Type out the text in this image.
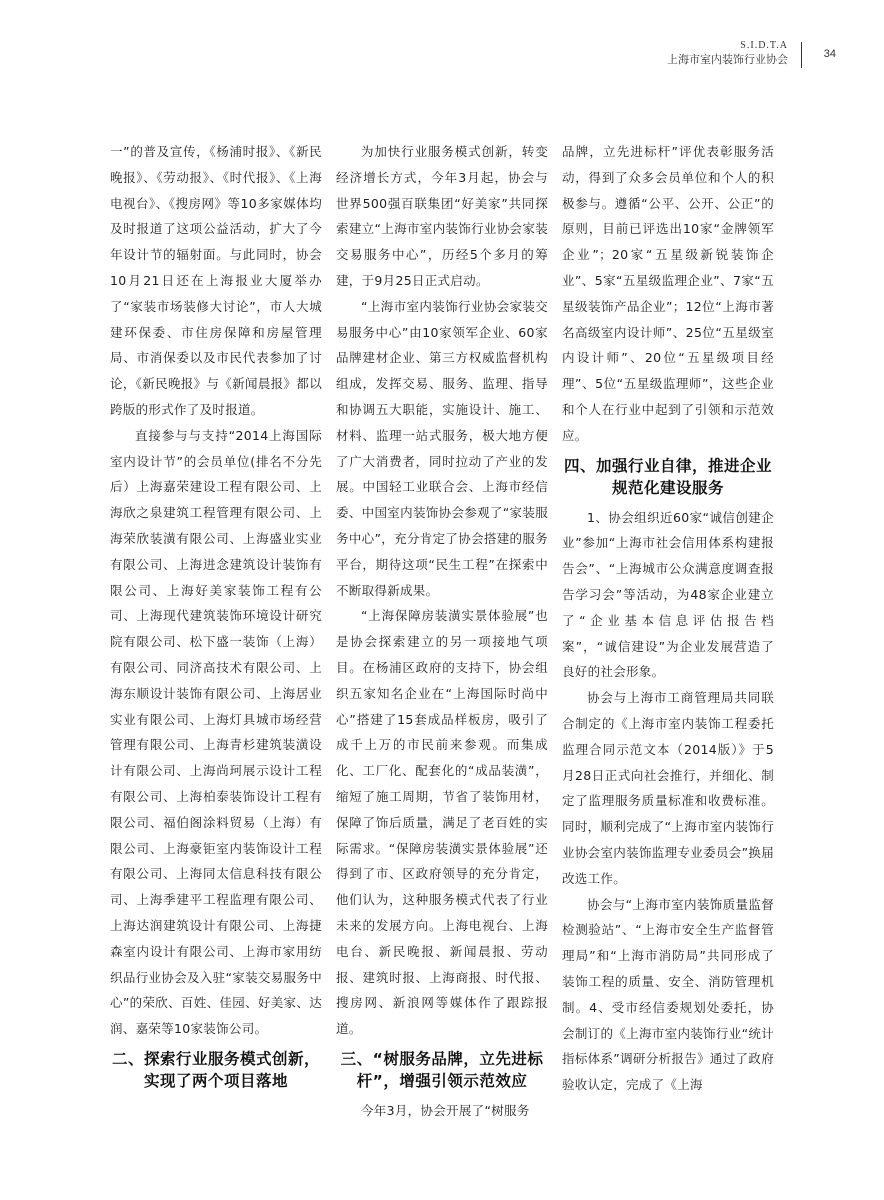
S.I.D.T.A
上海市室内装饰行业协会	34

一”的普及宣传，《杨浦时报》、《新民晚报》、《劳动报》、《时代报》、《上海电视台》、《搜房网》等10多家媒体均及时报道了这项公益活动，扩大了今年设计节的辐射面。与此同时，协会10月21日还在上海报业大厦举办了“家装市场装修大讨论”，市人大城建环保委、市住房保障和房屋管理局、市消保委以及市民代表参加了讨论，《新民晚报》与《新闻晨报》都以跨版的形式作了及时报道。

直接参与与支持“2014上海国际室内设计节”的会员单位(排名不分先后）上海嘉荣建设工程有限公司、上海欣之泉建筑工程管理有限公司、上海荣欣装潢有限公司、上海盛业实业有限公司、上海进念建筑设计装饰有限公司、上海好美家装饰工程有公司、上海现代建筑装饰环境设计研究院有限公司、松下盛一装饰（上海）有限公司、同济高技术有限公司、上海东顺设计装饰有限公司、上海居业实业有限公司、上海灯具城市场经营管理有限公司、上海青杉建筑装潢设计有限公司、上海尚珂展示设计工程有限公司、上海柏泰装饰设计工程有限公司、福伯阁涂料贸易（上海）有限公司、上海豪钜室内装饰设计工程有限公司、上海同太信息科技有限公司、上海季建平工程监理有限公司、上海达润建筑设计有限公司、上海捷森室内设计有限公司、上海市家用纺织品行业协会及入驻“家装交易服务中心”的荣欣、百姓、佳园、好美家、达润、嘉荣等10家装饰公司。

二、探索行业服务模式创新，实现了两个项目落地

为加快行业服务模式创新，转变经济增长方式，今年3月起，协会与世界500强百联集团“好美家”共同探索建立“上海市室内装饰行业协会家装交易服务中心”，历经5个多月的筹建，于9月25日正式启动。

“上海市室内装饰行业协会家装交易服务中心”由10家领军企业、60家品牌建材企业、第三方权威监督机构组成，发挥交易、服务、监理、指导和协调五大职能，实施设计、施工、材料、监理一站式服务，极大地方便了广大消费者，同时拉动了产业的发展。中国轻工业联合会、上海市经信委、中国室内装饰协会参观了“家装服务中心”，充分肯定了协会搭建的服务平台，期待这项“民生工程”在探索中不断取得新成果。

“上海保障房装潢实景体验展”也是协会探索建立的另一项接地气项目。在杨浦区政府的支持下，协会组织五家知名企业在“上海国际时尚中心”搭建了15套成品样板房，吸引了成千上万的市民前来参观。而集成化、工厂化、配套化的“成品装潢”，缩短了施工周期，节省了装饰用材，保障了饰后质量，满足了老百姓的实际需求。“保障房装潢实景体验展”还得到了市、区政府领导的充分肯定，他们认为，这种服务模式代表了行业未来的发展方向。上海电视台、上海电台、新民晚报、新闻晨报、劳动报、建筑时报、上海商报、时代报、搜房网、新浪网等媒体作了跟踪报道。

三、“树服务品牌，立先进标杆”，增强引领示范效应

今年3月，协会开展了“树服务

品牌，立先进标杆”评优表彰服务活动，得到了众多会员单位和个人的积极参与。遵循“公平、公开、公正”的原则，目前已评选出10家“金牌领军企业”；20家“五星级新锐装饰企业”、5家“五星级监理企业”、7家“五星级装饰产品企业”；12位“上海市著名高级室内设计师”、25位“五星级室内设计师”、20位“五星级项目经理”、5位“五星级监理师”，这些企业和个人在行业中起到了引领和示范效应。

四、加强行业自律，推进企业规范化建设服务

1、协会组织近60家“诚信创建企业”参加“上海市社会信用体系构建报告会”、“上海城市公众满意度调查报告学习会”等活动，为48家企业建立了“企业基本信息评估报告档案”，“诚信建设”为企业发展营造了良好的社会形象。

协会与上海市工商管理局共同联合制定的《上海市室内装饰工程委托监理合同示范文本（2014版）》于5月28日正式向社会推行，并细化、制定了监理服务质量标准和收费标准。同时，顺利完成了“上海市室内装饰行业协会室内装饰监理专业委员会”换届改选工作。

协会与“上海市室内装饰质量监督检测验站”、“上海市安全生产监督管理局”和“上海市消防局”共同形成了装饰工程的质量、安全、消防管理机制。4、受市经信委规划处委托，协会制订的《上海市室内装饰行业“统计指标体系”调研分析报告》通过了政府验收认定，完成了《上海
